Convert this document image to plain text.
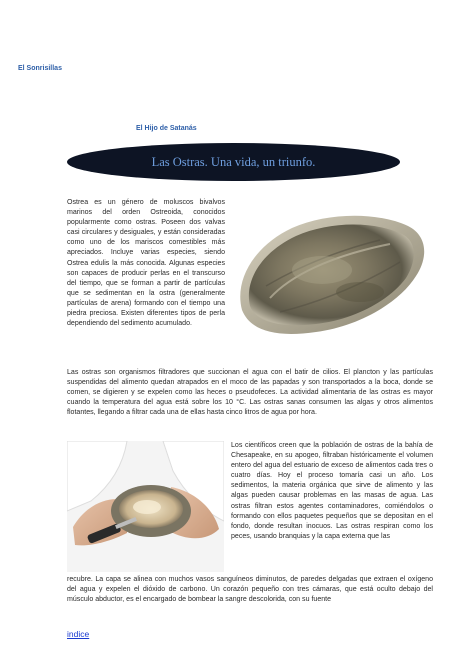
El Sonrisillas
El Hijo de Satanás
Las Ostras. Una vida, un triunfo.

Ostrea es un género de moluscos bivalvos marinos del orden Ostreoida, conocidos popularmente como ostras. Poseen dos valvas casi circulares y desiguales, y están consideradas como uno de los mariscos comestibles más apreciados. Incluye varias especies, siendo Ostrea edulis la más conocida. Algunas especies son capaces de producir perlas en el transcurso del tiempo, que se forman a partir de partículas que se sedimentan en la ostra (generalmente partículas de arena) formando con el tiempo una piedra preciosa. Existen diferentes tipos de perla dependiendo del sedimento acumulado.

Las ostras son organismos filtradores que succionan el agua con el batir de cilios. El plancton y las partículas suspendidas del alimento quedan atrapados en el moco de las papadas y son transportados a la boca, donde se comen, se digieren y se expelen como las heces o pseudofeces. La actividad alimentaria de las ostras es mayor cuando la temperatura del agua está sobre los 10 °C. Las ostras sanas consumen las algas y otros alimentos flotantes, llegando a filtrar cada una de ellas hasta cinco litros de agua por hora.

Los científicos creen que la población de ostras de la bahía de Chesapeake, en su apogeo, filtraban históricamente el volumen entero del agua del estuario de exceso de alimentos cada tres o cuatro días. Hoy el proceso tomaría casi un año. Los sedimentos, la materia orgánica que sirve de alimento y las algas pueden causar problemas en las masas de agua. Las ostras filtran estos agentes contaminadores, comiéndolos o formando con ellos paquetes pequeños que se depositan en el fondo, donde resultan inocuos. Las ostras respiran como los peces, usando branquias y la capa externa que las

recubre. La capa se alinea con muchos vasos sanguíneos diminutos, de paredes delgadas que extraen el oxígeno del agua y expelen el dióxido de carbono. Un corazón pequeño con tres cámaras, que está oculto debajo del músculo abductor, es el encargado de bombear la sangre descolorida, con su fuente

indice
